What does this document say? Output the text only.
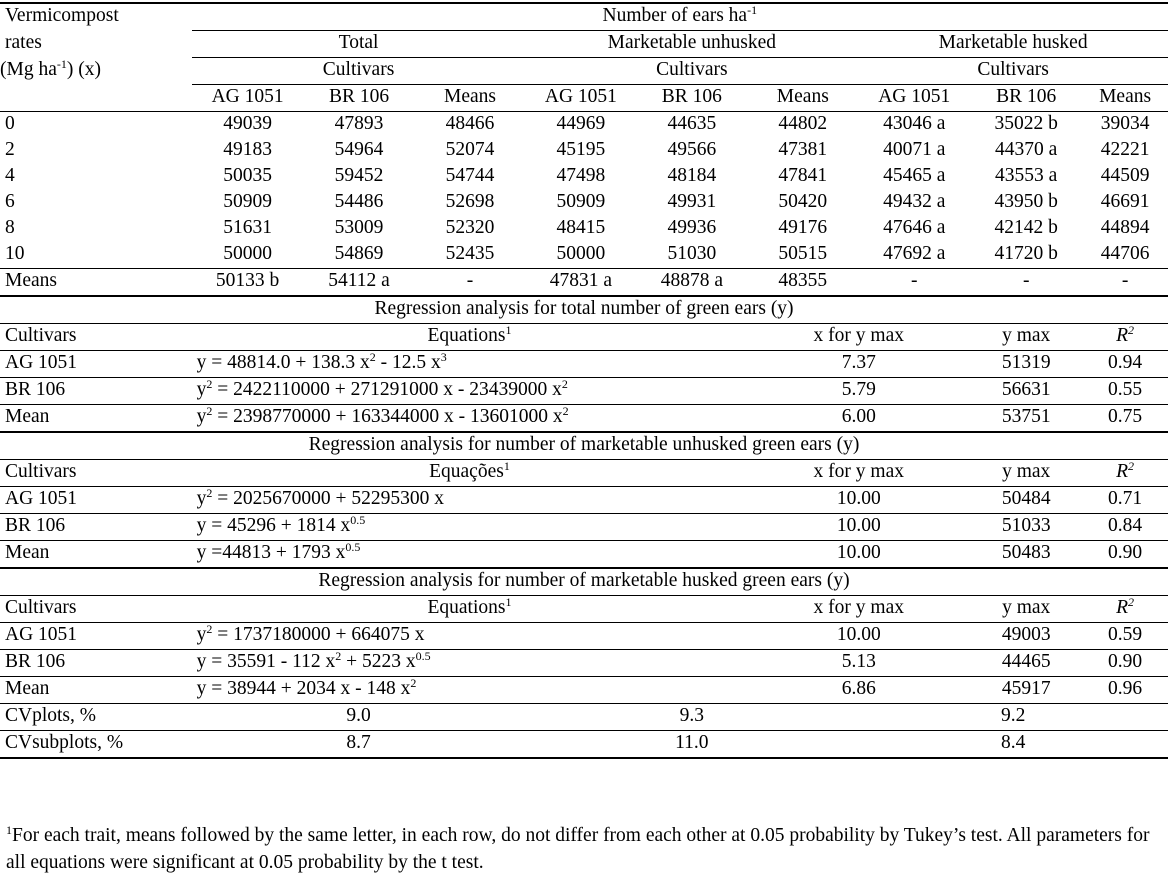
Vermicompost	Number of ears $ha^{-1}$
rates	Total			Marketable unhusked			Marketable husked		
(Mg $ha^{-1}$) (x)	Cultivars			Cultivars			Cultivars		
	AG 1051	BR 106	Means	AG 1051	BR 106	Means	AG 1051	BR 106	Means
0	49039	47893	48466	44969	44635	44802	43046 a	35022 b	39034
2	49183	54964	52074	45195	49566	47381	40071 a	44370 a	42221
4	50035	59452	54744	47498	48184	47841	45465 a	43553 a	44509
6	50909	54486	52698	50909	49931	50420	49432 a	43950 b	46691
8	51631	53009	52320	48415	49936	49176	47646 a	42142 b	44894
10	50000	54869	52435	50000	51030	50515	47692 a	41720 b	44706
Means	50133 b	54112 a	-	47831 a	48878 a	48355	-	-	-
Regression analysis for total number of green ears (y)									
Cultivars	Equations$^1$					x for y max		y max	$R^2$
AG 1051	y = 48814.0 + 138.3 $x^2 - 12.5$ $x^3$					7.37		51319	0.94
BR 106	$y^2 = 2422110000 + 271291000$ x - 23439000 $x^2$					5.79		56631	0.55
Mean	$y^2 = 2398770000 + 163344000$ x - 13601000 $x^2$					6.00		53751	0.75
Regression analysis for number of marketable unhusked green ears (y)									
Cultivars	Equações$^1$					x for y max		y max	$R^2$
AG 1051	$y^2 = 2025670000 + 52295300$ x					10.00		50484	0.71
BR 106	y = 45296 + 1814 $x^{0.5}$					10.00		51033	0.84
Mean	y =44813 + 1793 $x^{0.5}$					10.00		50483	0.90
Regression analysis for number of marketable husked green ears (y)									
Cultivars	Equations$^1$					x for y max		y max	$R^2$
AG 1051	$y^2 = 1737180000 + 664075$ x					10.00		49003	0.59
BR 106	y = 35591 - 112 $x^2 + 5223$ $x^{0.5}$					5.13		44465	0.90
Mean	y = 38944 + 2034 x - 148 $x^2$					6.86		45917	0.96
CVplots, %	9.0			9.3			9.2		
CVsubplots, %	8.7			11.0			8.4		
$^1$For each trait, means followed by the same letter, in each row, do not differ from each other at 0.05 probability by Tukey’s test. All parameters for all equations were significant at 0.05 probability by the t test.
